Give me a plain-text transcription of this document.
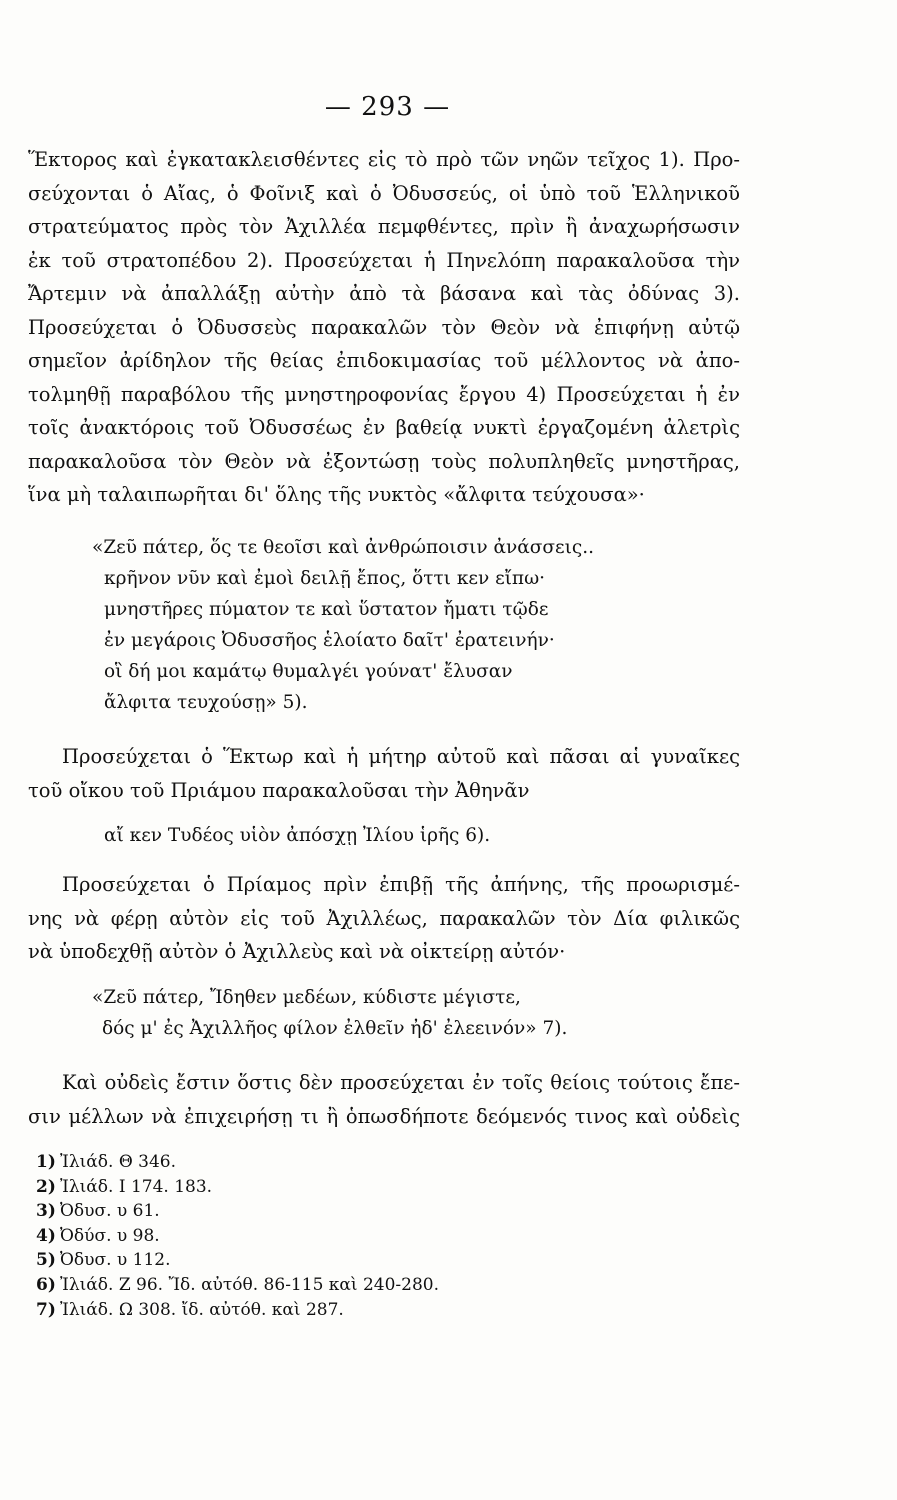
— 293 —
Ἕκτορος καὶ ἐγκατακλεισθέντες εἰς τὸ πρὸ τῶν νηῶν τεῖχος 1). Προ-
σεύχονται ὁ Αἴας, ὁ Φοῖνιξ καὶ ὁ Ὀδυσσεύς, οἱ ὑπὸ τοῦ Ἑλληνικοῦ
στρατεύματος πρὸς τὸν Ἀχιλλέα πεμφθέντες, πρὶν ἢ ἀναχωρήσωσιν
ἐκ τοῦ στρατοπέδου 2). Προσεύχεται ἡ Πηνελόπη παρακαλοῦσα τὴν
Ἄρτεμιν νὰ ἀπαλλάξῃ αὐτὴν ἀπὸ τὰ βάσανα καὶ τὰς ὀδύνας 3).
Προσεύχεται ὁ Ὀδυσσεὺς παρακαλῶν τὸν Θεὸν νὰ ἐπιφήνῃ αὐτῷ
σημεῖον ἀρίδηλον τῆς θείας ἐπιδοκιμασίας τοῦ μέλλοντος νὰ ἀπο-
τολμηθῇ παραβόλου τῆς μνηστηροφονίας ἔργου 4) Προσεύχεται ἡ ἐν
τοῖς ἀνακτόροις τοῦ Ὀδυσσέως ἐν βαθείᾳ νυκτὶ ἐργαζομένη ἀλετρὶς
παρακαλοῦσα τὸν Θεὸν νὰ ἐξοντώσῃ τοὺς πολυπληθεῖς μνηστῆρας,
ἵνα μὴ ταλαιπωρῆται δι' ὅλης τῆς νυκτὸς «ἄλφιτα τεύχουσα»·
«Ζεῦ πάτερ, ὅς τε θεοῖσι καὶ ἀνθρώποισιν ἀνάσσεις..
κρῆνον νῦν καὶ ἐμοὶ δειλῇ ἔπος, ὅττι κεν εἴπω·
μνηστῆρες πύματον τε καὶ ὕστατον ἤματι τῷδε
ἐν μεγάροις Ὀδυσσῆος ἑλοίατο δαῖτ' ἐρατεινήν·
οἳ δή μοι καμάτῳ θυμαλγέι γούνατ' ἔλυσαν
ἄλφιτα τευχούσῃ» 5).
Προσεύχεται ὁ Ἕκτωρ καὶ ἡ μήτηρ αὐτοῦ καὶ πᾶσαι αἱ γυναῖκες
τοῦ οἴκου τοῦ Πριάμου παρακαλοῦσαι τὴν Ἀθηνᾶν
αἴ κεν Τυδέος υἱὸν ἀπόσχῃ Ἰλίου ἱρῆς 6).
Προσεύχεται ὁ Πρίαμος πρὶν ἐπιβῇ τῆς ἀπήνης, τῆς προωρισμέ-
νης νὰ φέρῃ αὐτὸν εἰς τοῦ Ἀχιλλέως, παρακαλῶν τὸν Δία φιλικῶς
νὰ ὑποδεχθῇ αὐτὸν ὁ Ἀχιλλεὺς καὶ νὰ οἰκτείρῃ αὐτόν·
«Ζεῦ πάτερ, Ἴδηθεν μεδέων, κύδιστε μέγιστε,
δός μ' ἐς Ἀχιλλῆος φίλον ἐλθεῖν ἠδ' ἐλεεινόν» 7).
Καὶ οὐδεὶς ἔστιν ὅστις δὲν προσεύχεται ἐν τοῖς θείοις τούτοις ἔπε-
σιν μέλλων νὰ ἐπιχειρήσῃ τι ἢ ὁπωσδήποτε δεόμενός τινος καὶ οὐδεὶς
1) Ἰλιάδ. Θ 346.
2) Ἰλιάδ. Ι 174. 183.
3) Ὀδυσ. υ 61.
4) Ὀδύσ. υ 98.
5) Ὀδυσ. υ 112.
6) Ἰλιάδ. Ζ 96. Ἴδ. αὐτόθ. 86-115 καὶ 240-280.
7) Ἰλιάδ. Ω 308. ἴδ. αὐτόθ. καὶ 287.
